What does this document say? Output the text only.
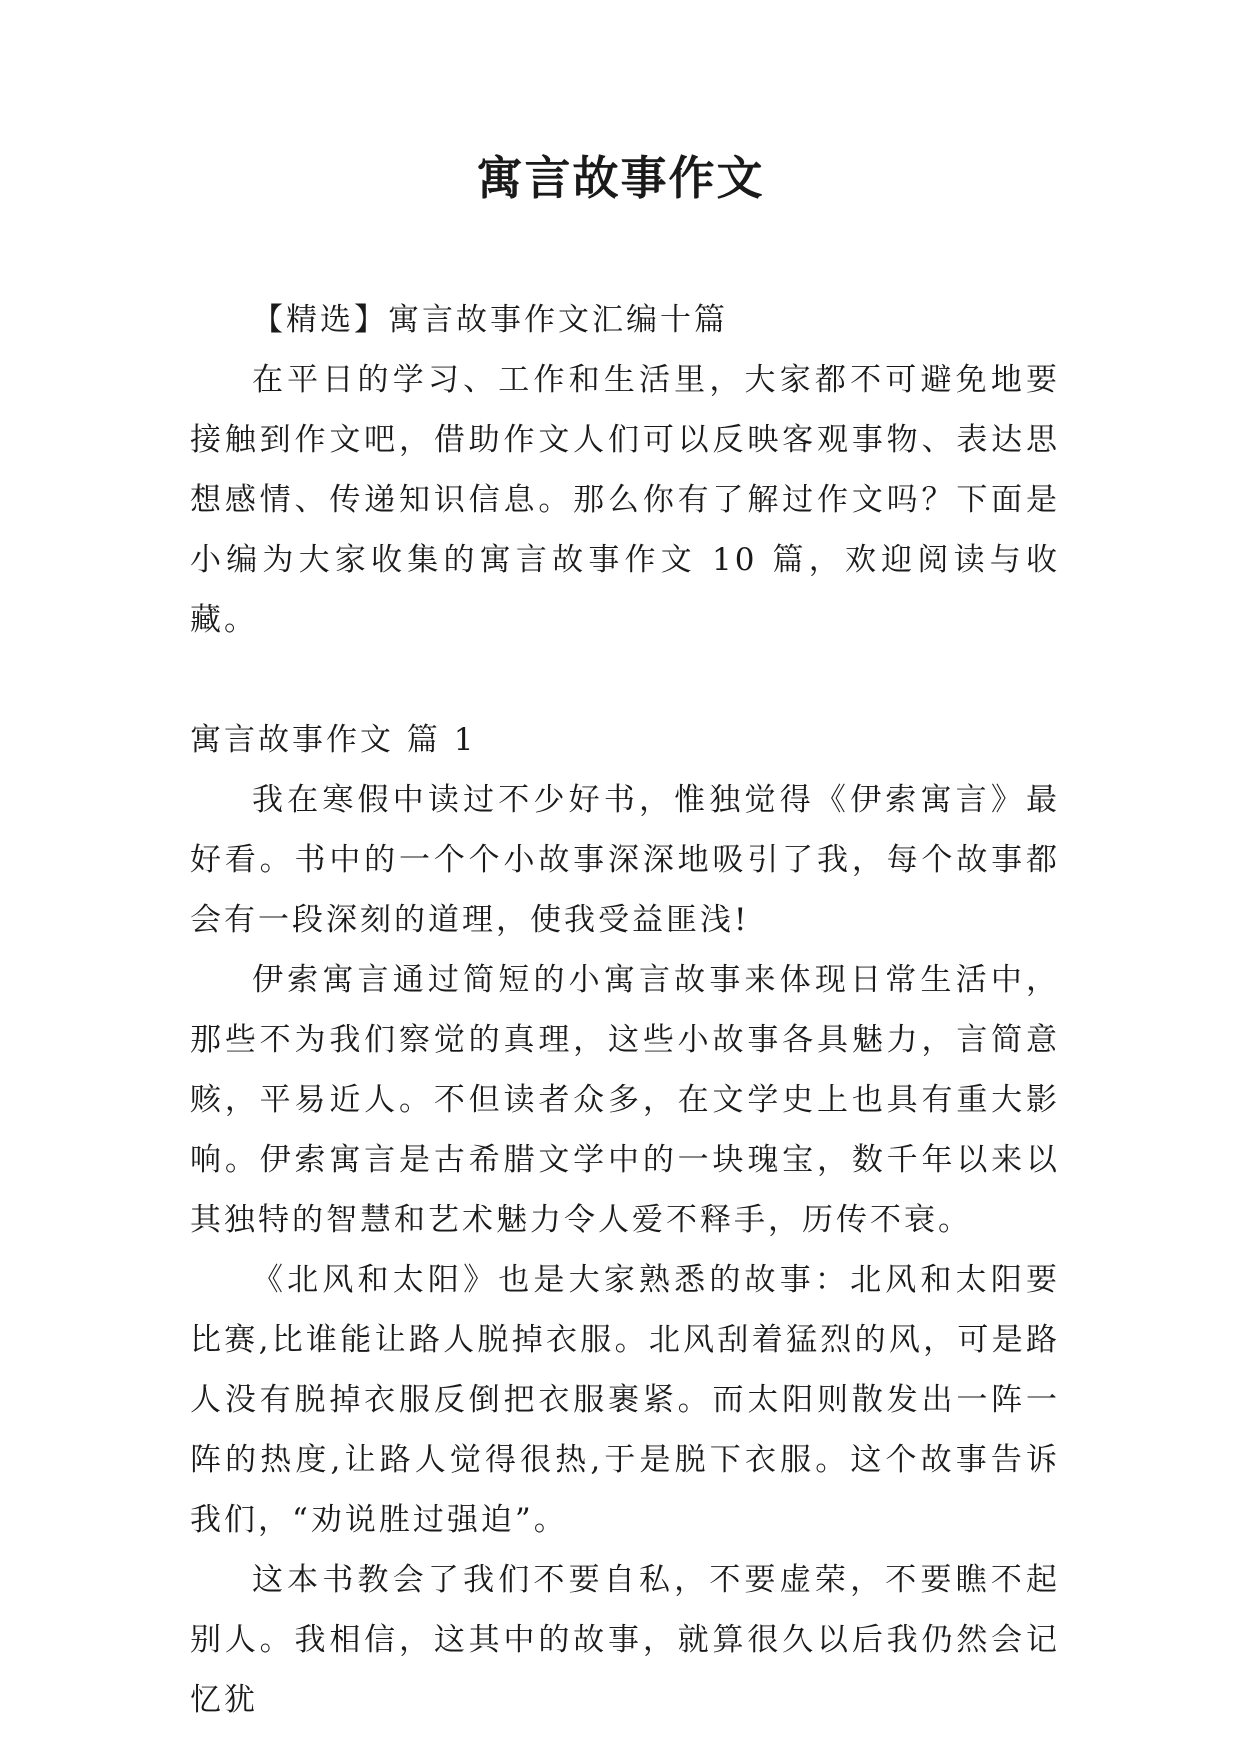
寓言故事作文

【精选】寓言故事作文汇编十篇

在平日的学习、工作和生活里，大家都不可避免地要接触到作文吧，借助作文人们可以反映客观事物、表达思想感情、传递知识信息。那么你有了解过作文吗？下面是小编为大家收集的寓言故事作文 10 篇，欢迎阅读与收藏。

寓言故事作文 篇 1

我在寒假中读过不少好书，惟独觉得《伊索寓言》最好看。书中的一个个小故事深深地吸引了我，每个故事都会有一段深刻的道理，使我受益匪浅!

伊索寓言通过简短的小寓言故事来体现日常生活中，那些不为我们察觉的真理，这些小故事各具魅力，言简意赅，平易近人。不但读者众多，在文学史上也具有重大影响。伊索寓言是古希腊文学中的一块瑰宝，数千年以来以其独特的智慧和艺术魅力令人爱不释手，历传不衰。

《北风和太阳》也是大家熟悉的故事：北风和太阳要比赛,比谁能让路人脱掉衣服。北风刮着猛烈的风，可是路人没有脱掉衣服反倒把衣服裹紧。而太阳则散发出一阵一阵的热度,让路人觉得很热,于是脱下衣服。这个故事告诉我们，“劝说胜过强迫”。

这本书教会了我们不要自私，不要虚荣，不要瞧不起别人。我相信，这其中的故事，就算很久以后我仍然会记忆犹
